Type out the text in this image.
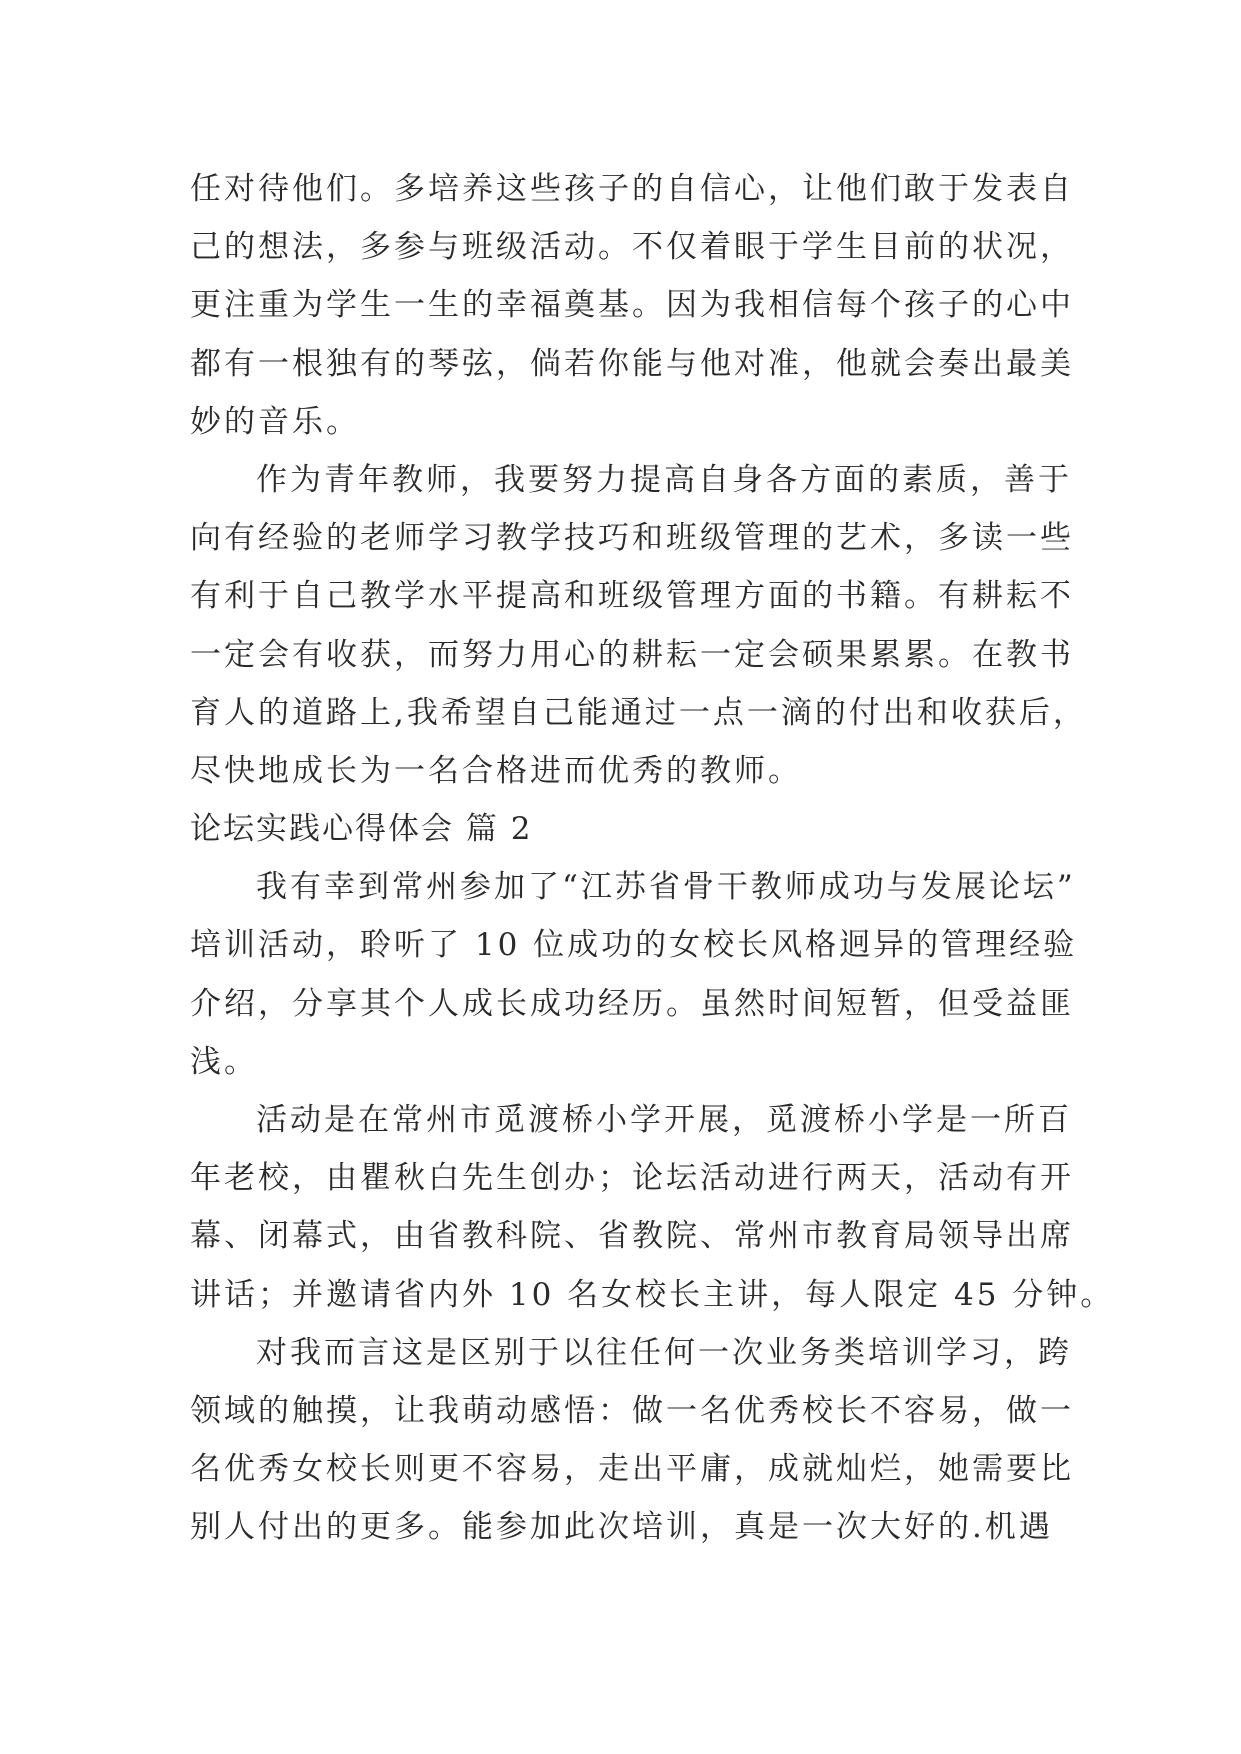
任对待他们。多培养这些孩子的自信心，让他们敢于发表自
己的想法，多参与班级活动。不仅着眼于学生目前的状况，
更注重为学生一生的幸福奠基。因为我相信每个孩子的心中
都有一根独有的琴弦，倘若你能与他对准，他就会奏出最美
妙的音乐。
作为青年教师，我要努力提高自身各方面的素质，善于
向有经验的老师学习教学技巧和班级管理的艺术，多读一些
有利于自己教学水平提高和班级管理方面的书籍。有耕耘不
一定会有收获，而努力用心的耕耘一定会硕果累累。在教书
育人的道路上,我希望自己能通过一点一滴的付出和收获后，
尽快地成长为一名合格进而优秀的教师。
论坛实践心得体会 篇 2
我有幸到常州参加了“江苏省骨干教师成功与发展论坛”
培训活动，聆听了 10 位成功的女校长风格迥异的管理经验
介绍，分享其个人成长成功经历。虽然时间短暂，但受益匪
浅。
活动是在常州市觅渡桥小学开展，觅渡桥小学是一所百
年老校，由瞿秋白先生创办；论坛活动进行两天，活动有开
幕、闭幕式，由省教科院、省教院、常州市教育局领导出席
讲话；并邀请省内外 10 名女校长主讲，每人限定 45 分钟。
对我而言这是区别于以往任何一次业务类培训学习，跨
领域的触摸，让我萌动感悟：做一名优秀校长不容易，做一
名优秀女校长则更不容易，走出平庸，成就灿烂，她需要比
别人付出的更多。能参加此次培训，真是一次大好的.机遇
